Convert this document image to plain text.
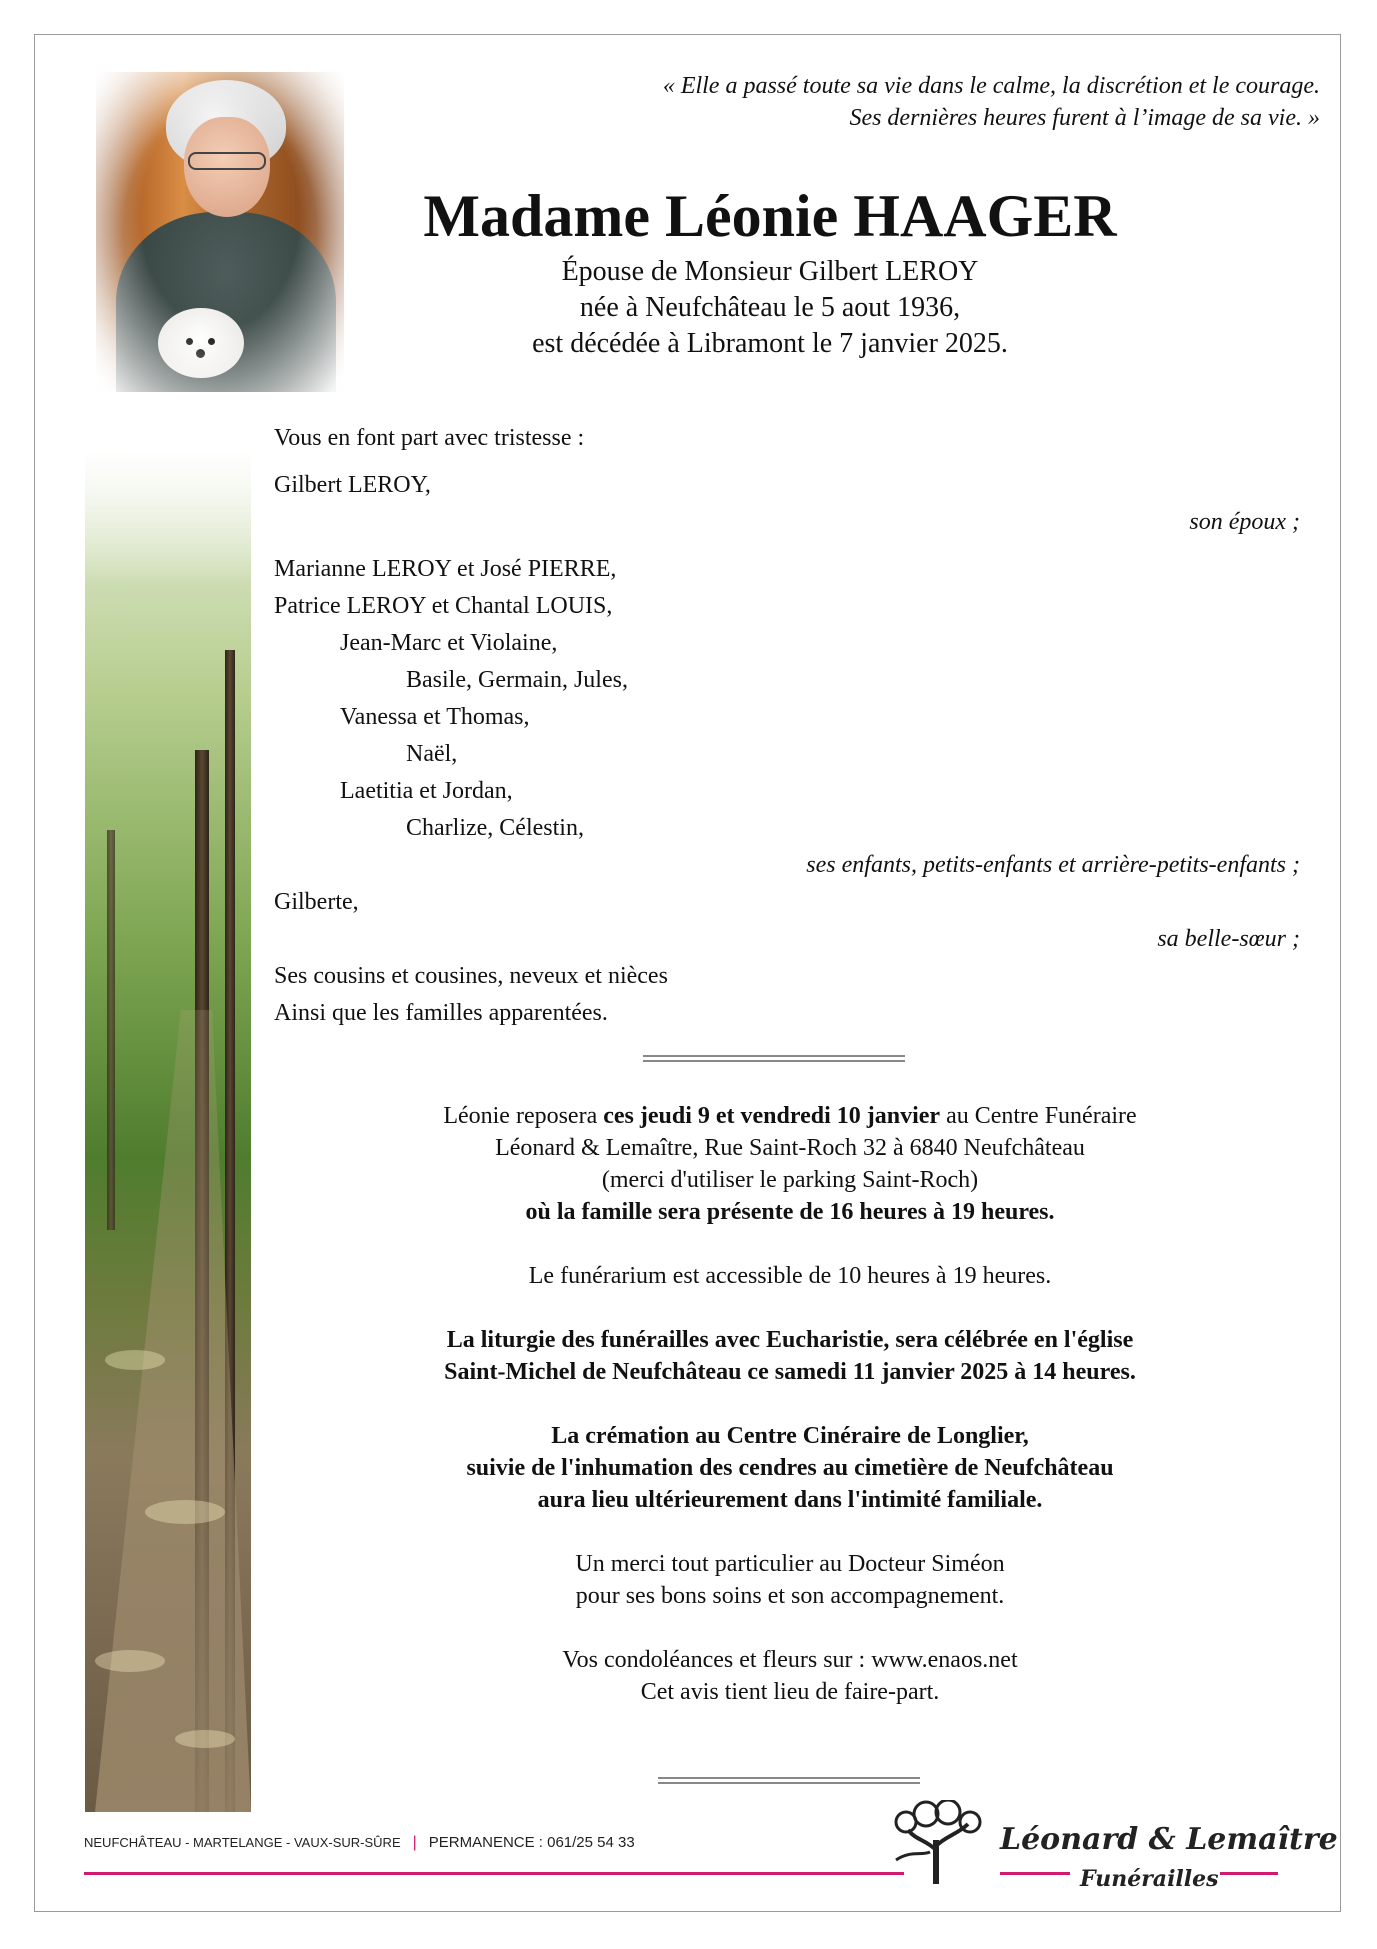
« Elle a passé toute sa vie dans le calme, la discrétion et le courage.
Ses dernières heures furent à l’image de sa vie. »
Madame Léonie HAAGER
Épouse de Monsieur Gilbert LEROY
née à Neufchâteau le 5 aout 1936,
est décédée à Libramont le 7 janvier 2025.
Vous en font part avec tristesse :
Gilbert LEROY,
son époux ;
Marianne LEROY et José PIERRE,
Patrice LEROY et Chantal LOUIS,
Jean-Marc et Violaine,
Basile, Germain, Jules,
Vanessa et Thomas,
Naël,
Laetitia et Jordan,
Charlize, Célestin,
ses enfants, petits-enfants et arrière-petits-enfants ;
Gilberte,
sa belle-sœur ;
Ses cousins et cousines, neveux et nièces
Ainsi que les familles apparentées.
Léonie reposera ces jeudi 9 et vendredi 10 janvier au Centre Funéraire
Léonard & Lemaître, Rue Saint-Roch 32 à 6840 Neufchâteau
(merci d'utiliser le parking Saint-Roch)
où la famille sera présente de 16 heures à 19 heures.
Le funérarium est accessible de 10 heures à 19 heures.
La liturgie des funérailles avec Eucharistie, sera célébrée en l'église
Saint-Michel de Neufchâteau ce samedi 11 janvier 2025 à 14 heures.
La crémation au Centre Cinéraire de Longlier,
suivie de l'inhumation des cendres au cimetière de Neufchâteau
aura lieu ultérieurement dans l'intimité familiale.
Un merci tout particulier au Docteur Siméon
pour ses bons soins et son accompagnement.
Vos condoléances et fleurs sur : www.enaos.net
Cet avis tient lieu de faire-part.
NEUFCHÂTEAU - MARTELANGE - VAUX-SUR-SÛRE | PERMANENCE : 061/25 54 33	Léonard & Lemaître
Funérailles
